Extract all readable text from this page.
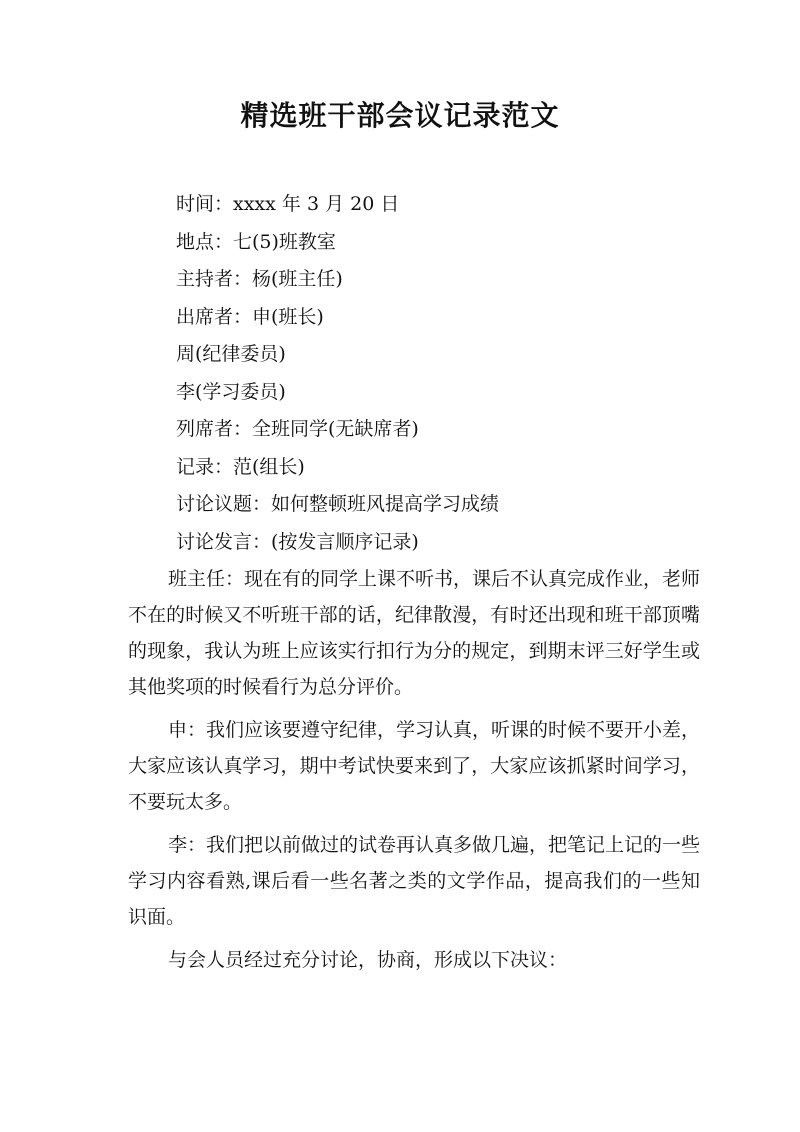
精选班干部会议记录范文
时间：xxxx 年 3 月 20 日
地点：七(5)班教室
主持者：杨(班主任)
出席者：申(班长)
周(纪律委员)
李(学习委员)
列席者：全班同学(无缺席者)
记录：范(组长)
讨论议题：如何整顿班风提高学习成绩
讨论发言：(按发言顺序记录)

班主任：现在有的同学上课不听书，课后不认真完成作业，老师不在的时候又不听班干部的话，纪律散漫，有时还出现和班干部顶嘴的现象，我认为班上应该实行扣行为分的规定，到期末评三好学生或其他奖项的时候看行为总分评价。

申：我们应该要遵守纪律，学习认真，听课的时候不要开小差，大家应该认真学习，期中考试快要来到了，大家应该抓紧时间学习，不要玩太多。

李：我们把以前做过的试卷再认真多做几遍，把笔记上记的一些学习内容看熟,课后看一些名著之类的文学作品，提高我们的一些知识面。

与会人员经过充分讨论，协商，形成以下决议：
